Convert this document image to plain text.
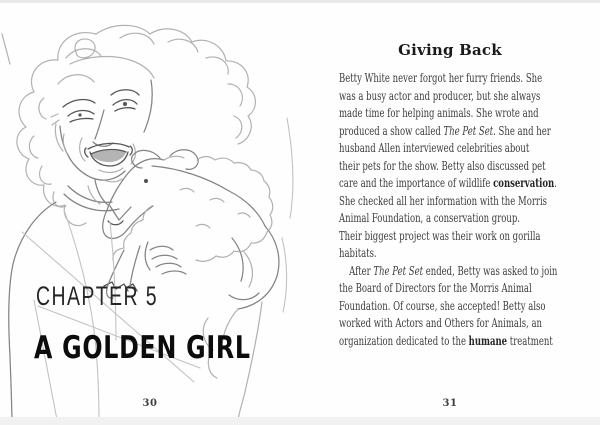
CHAPTER 5
A GOLDEN GIRL
30
Giving Back
Betty White never forgot her furry friends. She
was a busy actor and producer, but she always
made time for helping animals. She wrote and
produced a show called The Pet Set. She and her
husband Allen interviewed celebrities about
their pets for the show. Betty also discussed pet
care and the importance of wildlife conservation.
She checked all her information with the Morris
Animal Foundation, a conservation group.
Their biggest project was their work on gorilla
habitats.
After The Pet Set ended, Betty was asked to join
the Board of Directors for the Morris Animal
Foundation. Of course, she accepted! Betty also
worked with Actors and Others for Animals, an
organization dedicated to the humane treatment
31
